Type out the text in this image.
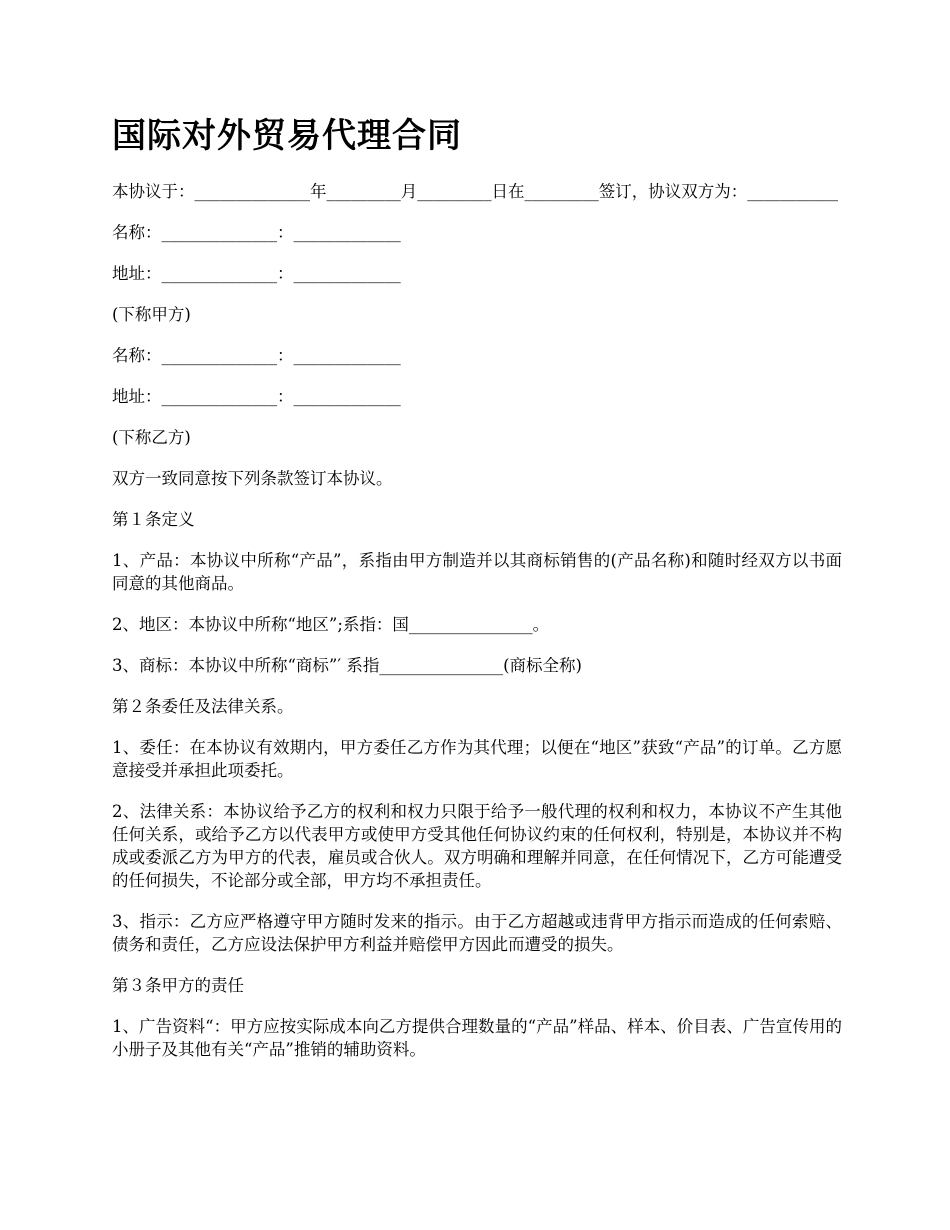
国际对外贸易代理合同

本协议于：______________年_________月_________日在_________签订，协议双方为：___________

名称：______________：_____________

地址：______________：_____________

(下称甲方)

名称：______________：_____________

地址：______________：_____________

(下称乙方)

双方一致同意按下列条款签订本协议。

第１条定义

1、产品：本协议中所称“产品”，系指由甲方制造并以其商标销售的(产品名称)和随时经双方以书面同意的其他商品。

2、地区：本协议中所称“地区”;系指：国_______________。

3、商标：本协议中所称“商标”′ 系指_______________(商标全称)

第２条委任及法律关系。

1、委任：在本协议有效期内，甲方委任乙方作为其代理；以便在“地区”获致“产品”的订单。乙方愿意接受并承担此项委托。

2、法律关系：本协议给予乙方的权利和权力只限于给予一般代理的权利和权力，本协议不产生其他任何关系，或给予乙方以代表甲方或使甲方受其他任何协议约束的任何权利，特别是，本协议并不构成或委派乙方为甲方的代表，雇员或合伙人。双方明确和理解并同意，在任何情况下，乙方可能遭受的任何损失，不论部分或全部，甲方均不承担责任。

3、指示：乙方应严格遵守甲方随时发来的指示。由于乙方超越或违背甲方指示而造成的任何索赔、债务和责任，乙方应设法保护甲方利益并赔偿甲方因此而遭受的损失。

第３条甲方的责任

1、广告资料“：甲方应按实际成本向乙方提供合理数量的“产品”样品、样本、价目表、广告宣传用的小册子及其他有关“产品”推销的辅助资料。
